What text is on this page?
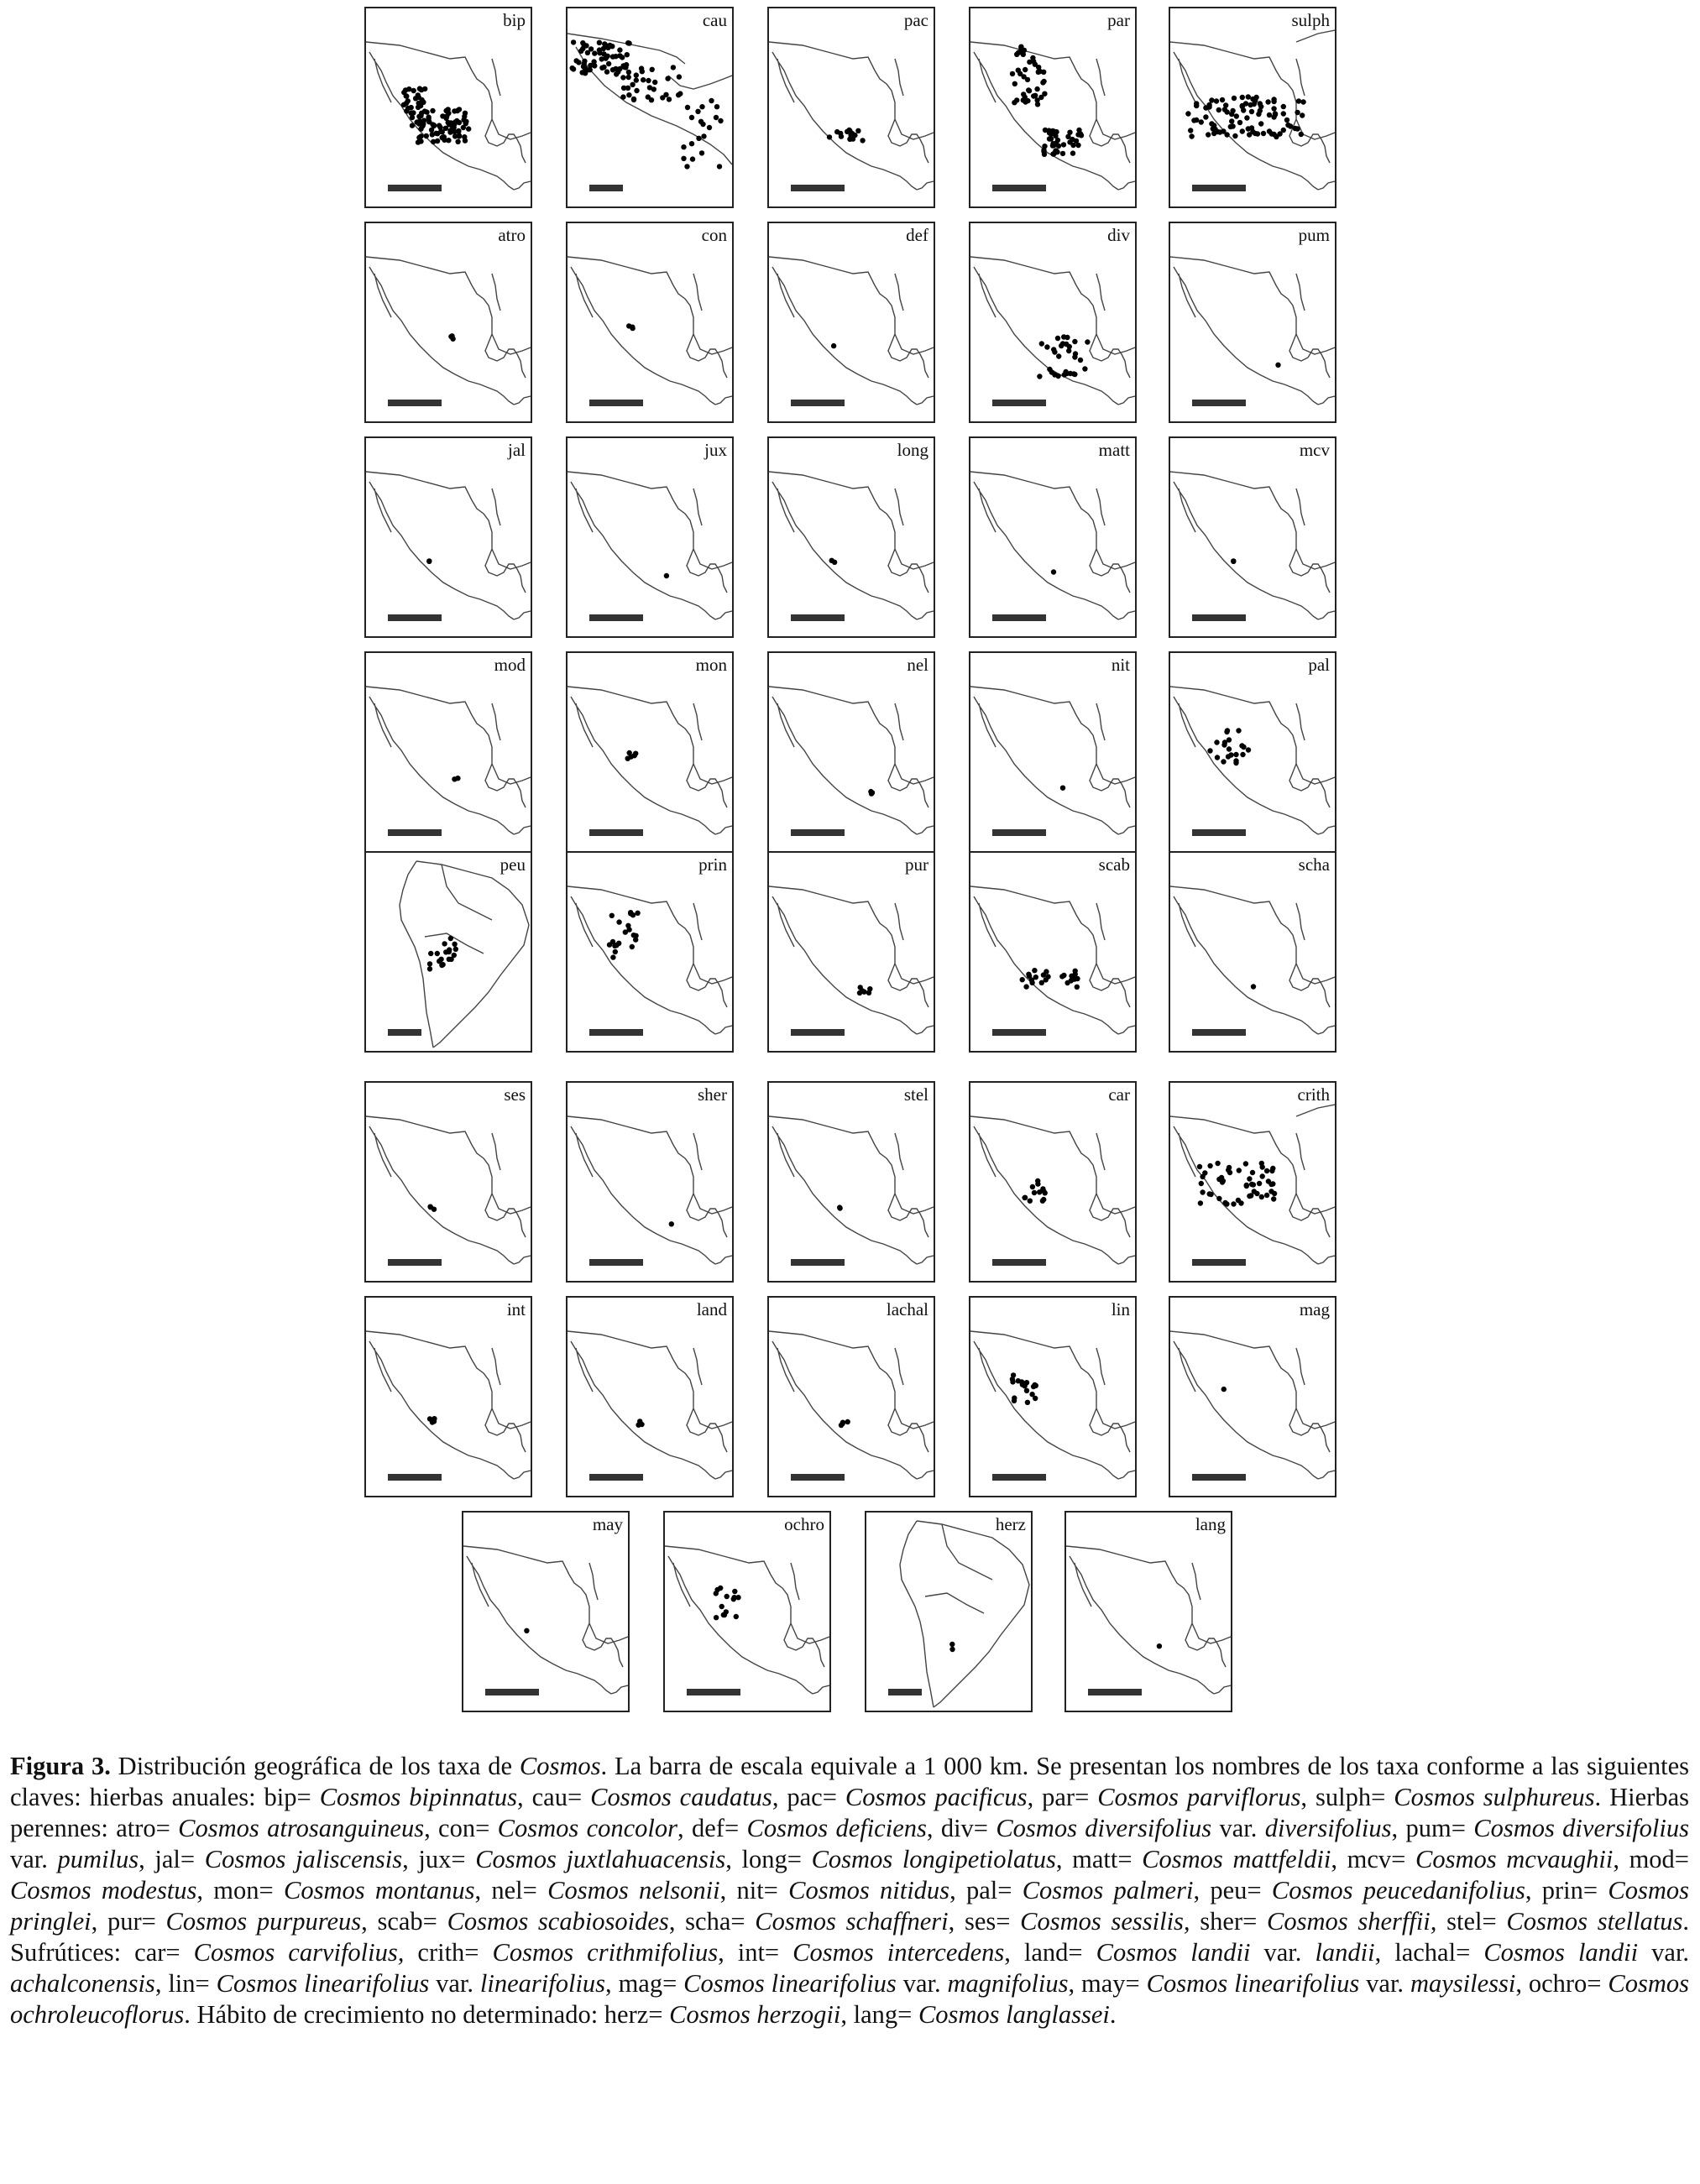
bip	cau	pac	par	sulph
atro	con	def	div	pum
jal	jux	long	matt	mcv
mod	mon	nel	nit	pal
peu	prin	pur	scab	scha
ses	sher	stel	car	crith
int	land	lachal	lin	mag
may	ochro	herz	lang
Figura 3. Distribución geográfica de los taxa de Cosmos. La barra de escala equivale a 1 000 km. Se presentan los nombres de los taxa conforme a las siguientes claves: hierbas anuales: bip= Cosmos bipinnatus, cau= Cosmos caudatus, pac= Cosmos pacificus, par= Cosmos parviflorus, sulph= Cosmos sulphureus. Hierbas perennes: atro= Cosmos atrosanguineus, con= Cosmos concolor, def= Cosmos deficiens, div= Cosmos diversifolius var. diversifolius, pum= Cosmos diversifolius var. pumilus, jal= Cosmos jaliscensis, jux= Cosmos juxtlahuacensis, long= Cosmos longipetiolatus, matt= Cosmos mattfeldii, mcv= Cosmos mcvaughii, mod= Cosmos modestus, mon= Cosmos montanus, nel= Cosmos nelsonii, nit= Cosmos nitidus, pal= Cosmos palmeri, peu= Cosmos peucedanifolius, prin= Cosmos pringlei, pur= Cosmos purpureus, scab= Cosmos scabiosoides, scha= Cosmos schaffneri, ses= Cosmos sessilis, sher= Cosmos sherffii, stel= Cosmos stellatus. Sufrútices: car= Cosmos carvifolius, crith= Cosmos crithmifolius, int= Cosmos intercedens, land= Cosmos landii var. landii, lachal= Cosmos landii var. achalconensis, lin= Cosmos linearifolius var. linearifolius, mag= Cosmos linearifolius var. magnifolius, may= Cosmos linearifolius var. maysilessi, ochro= Cosmos ochroleucoflorus. Hábito de crecimiento no determinado: herz= Cosmos herzogii, lang= Cosmos langlassei.
